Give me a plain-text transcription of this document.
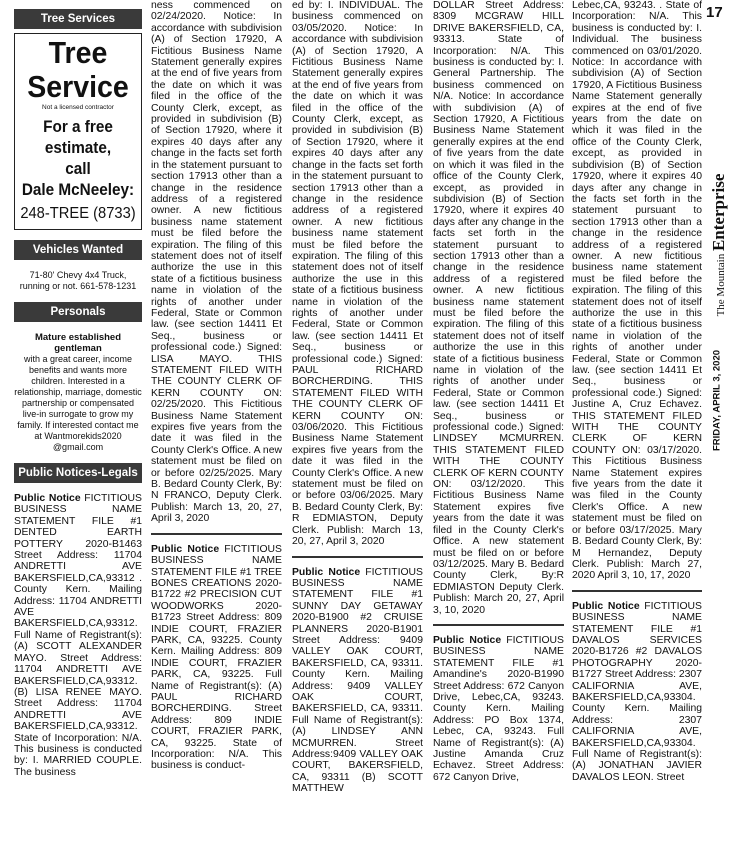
Tree Services
Tree
Service
Not a licensed contractor
For a free
estimate,
call
Dale McNeeley:
248-TREE (8733)
Vehicles Wanted
71-80' Chevy 4x4 Truck, running or not. 661-578-1231
Personals
Mature established gentleman
with a great career, income benefits and wants more children. Interested in a relationship, marriage, domestic partnership or compensated live-in surrogate to grow my family. If interested contact me at Wantmorekids2020 @gmail.com
Public Notices-Legals
Public Notice FICTITIOUS BUSINESS NAME STATEMENT FILE #1 DENTED EARTH POTTERY 2020-B1463 Street Address: 11704 ANDRETTI AVE BAKERSFIELD,CA,93312 . County Kern. Mailing Address: 11704 ANDRETTI AVE BAKERSFIELD,CA,93312. Full Name of Registrant(s): (A) SCOTT ALEXANDER MAYO. Street Address: 11704 ANDRETTI AVE BAKERSFIELD,CA,93312. (B) LISA RENEE MAYO. Street Address: 11704 ANDRETTI AVE BAKERSFIELD,CA,93312. State of Incorporation: N/A. This business is conducted by: I. MARRIED COUPLE. The business
ness commenced on 02/24/2020. Notice: In accordance with subdivision (A) of Section 17920, A Fictitious Business Name Statement generally expires at the end of five years from the date on which it was filed in the office of the County Clerk, except, as provided in subdivision (B) of Section 17920, where it expires 40 days after any change in the facts set forth in the statement pursuant to section 17913 other than a change in the residence address of a registered owner. A new fictitious business name statement must be filed before the expiration. The filing of this statement does not of itself authorize the use in this state of a fictitious business name in violation of the rights of another under Federal, State or Common law. (see section 14411 Et Seq., business or professional code.) Signed: LISA MAYO. THIS STATEMENT FILED WITH THE COUNTY CLERK OF KERN COUNTY ON: 02/25/2020. This Fictitious Business Name Statement expires five years from the date it was filed in the County Clerk's Office. A new statement must be filed on or before 02/25/2025. Mary B. Bedard County Clerk, By: N FRANCO, Deputy Clerk. Publish: March 13, 20, 27, April 3, 2020
Public Notice FICTITIOUS BUSINESS NAME STATEMENT FILE #1 TREE BONES CREATIONS 2020-B1722 #2 PRECISION CUT WOODWORKS 2020-B1723 Street Address: 809 INDIE COURT, FRAZIER PARK, CA, 93225. County Kern. Mailing Address: 809 INDIE COURT, FRAZIER PARK, CA, 93225. Full Name of Registrant(s): (A) PAUL RICHARD BORCHERDING. Street Address: 809 INDIE COURT, FRAZIER PARK, CA, 93225. State of Incorporation: N/A. This business is conduct-
ed by: I. INDIVIDUAL. The business commenced on 03/05/2020. Notice: In accordance with subdivision (A) of Section 17920, A Fictitious Business Name Statement generally expires at the end of five years from the date on which it was filed in the office of the County Clerk, except, as provided in subdivision (B) of Section 17920, where it expires 40 days after any change in the facts set forth in the statement pursuant to section 17913 other than a change in the residence address of a registered owner. A new fictitious business name statement must be filed before the expiration. The filing of this statement does not of itself authorize the use in this state of a fictitious business name in violation of the rights of another under Federal, State or Common law. (see section 14411 Et Seq., business or professional code.) Signed: PAUL RICHARD BORCHERDING. THIS STATEMENT FILED WITH THE COUNTY CLERK OF KERN COUNTY ON: 03/06/2020. This Fictitious Business Name Statement expires five years from the date it was filed in the County Clerk's Office. A new statement must be filed on or before 03/06/2025. Mary B. Bedard County Clerk, By: R EDMIASTON, Deputy Clerk. Publish: March 13, 20, 27, April 3, 2020
Public Notice FICTITIOUS BUSINESS NAME STATEMENT FILE #1 SUNNY DAY GETAWAY 2020-B1900 #2 CRUISE PLANNERS 2020-B1901 Street Address: 9409 VALLEY OAK COURT, BAKERSFIELD, CA, 93311. County Kern. Mailing Address: 9409 VALLEY OAK COURT, BAKERSFIELD, CA, 93311. Full Name of Registrant(s): (A) LINDSEY ANN MCMURREN. Street Address:9409 VALLEY OAK COURT, BAKERSFIELD, CA, 93311 (B) SCOTT MATTHEW
DOLLAR Street Address: 8309 MCGRAW HILL DRIVE BAKERSFIELD, CA, 93313. State of Incorporation: N/A. This business is conducted by: I. General Partnership. The business commenced on N/A. Notice: In accordance with subdivision (A) of Section 17920, A Fictitious Business Name Statement generally expires at the end of five years from the date on which it was filed in the office of the County Clerk, except, as provided in subdivision (B) of Section 17920, where it expires 40 days after any change in the facts set forth in the statement pursuant to section 17913 other than a change in the residence address of a registered owner. A new fictitious business name statement must be filed before the expiration. The filing of this statement does not of itself authorize the use in this state of a fictitious business name in violation of the rights of another under Federal, State or Common law. (see section 14411 Et Seq., business or professional code.) Signed: LINDSEY MCMURREN. THIS STATEMENT FILED WITH THE COUNTY CLERK OF KERN COUNTY ON: 03/12/2020. This Fictitious Business Name Statement expires five years from the date it was filed in the County Clerk's Office. A new statement must be filed on or before 03/12/2025. Mary B. Bedard County Clerk, By:R EDMIASTON Deputy Clerk. Publish: March 20, 27, April 3, 10, 2020
Public Notice FICTITIOUS BUSINESS NAME STATEMENT FILE #1 Amandine's 2020-B1990 Street Address: 672 Canyon Drive, Lebec,CA, 93243. County Kern. Mailing Address: PO Box 1374, Lebec, CA, 93243. Full Name of Registrant(s): (A) Justine Amanda Cruz Echavez. Street Address: 672 Canyon Drive,
Lebec,CA, 93243. . State of Incorporation: N/A. This business is conducted by: I. Individual. The business commenced on 03/01/2020. Notice: In accordance with subdivision (A) of Section 17920, A Fictitious Business Name Statement generally expires at the end of five years from the date on which it was filed in the office of the County Clerk, except, as provided in subdivision (B) of Section 17920, where it expires 40 days after any change in the facts set forth in the statement pursuant to section 17913 other than a change in the residence address of a registered owner. A new fictitious business name statement must be filed before the expiration. The filing of this statement does not of itself authorize the use in this state of a fictitious business name in violation of the rights of another under Federal, State or Common law. (see section 14411 Et Seq., business or professional code.) Signed: Justine A, Cruz Echavez. THIS STATEMENT FILED WITH THE COUNTY CLERK OF KERN COUNTY ON: 03/17/2020. This Fictitious Business Name Statement expires five years from the date it was filed in the County Clerk's Office. A new statement must be filed on or before 03/17/2025. Mary B. Bedard County Clerk, By: M Hernandez, Deputy Clerk. Publish: March 27, 2020 April 3, 10, 17, 2020
Public Notice FICTITIOUS BUSINESS NAME STATEMENT FILE #1 DAVALOS SERVICES 2020-B1726 #2 DAVALOS PHOTOGRAPHY 2020-B1727 Street Address: 2307 CALIFORNIA AVE, BAKERSFIELD,CA,93304. County Kern. Mailing Address: 2307 CALIFORNIA AVE, BAKERSFIELD,CA,93304. Full Name of Registrant(s): (A) JONATHAN JAVIER DAVALOS LEON. Street
17
The Mountain Enterprise
FRIDAY, APRIL 3, 2020
